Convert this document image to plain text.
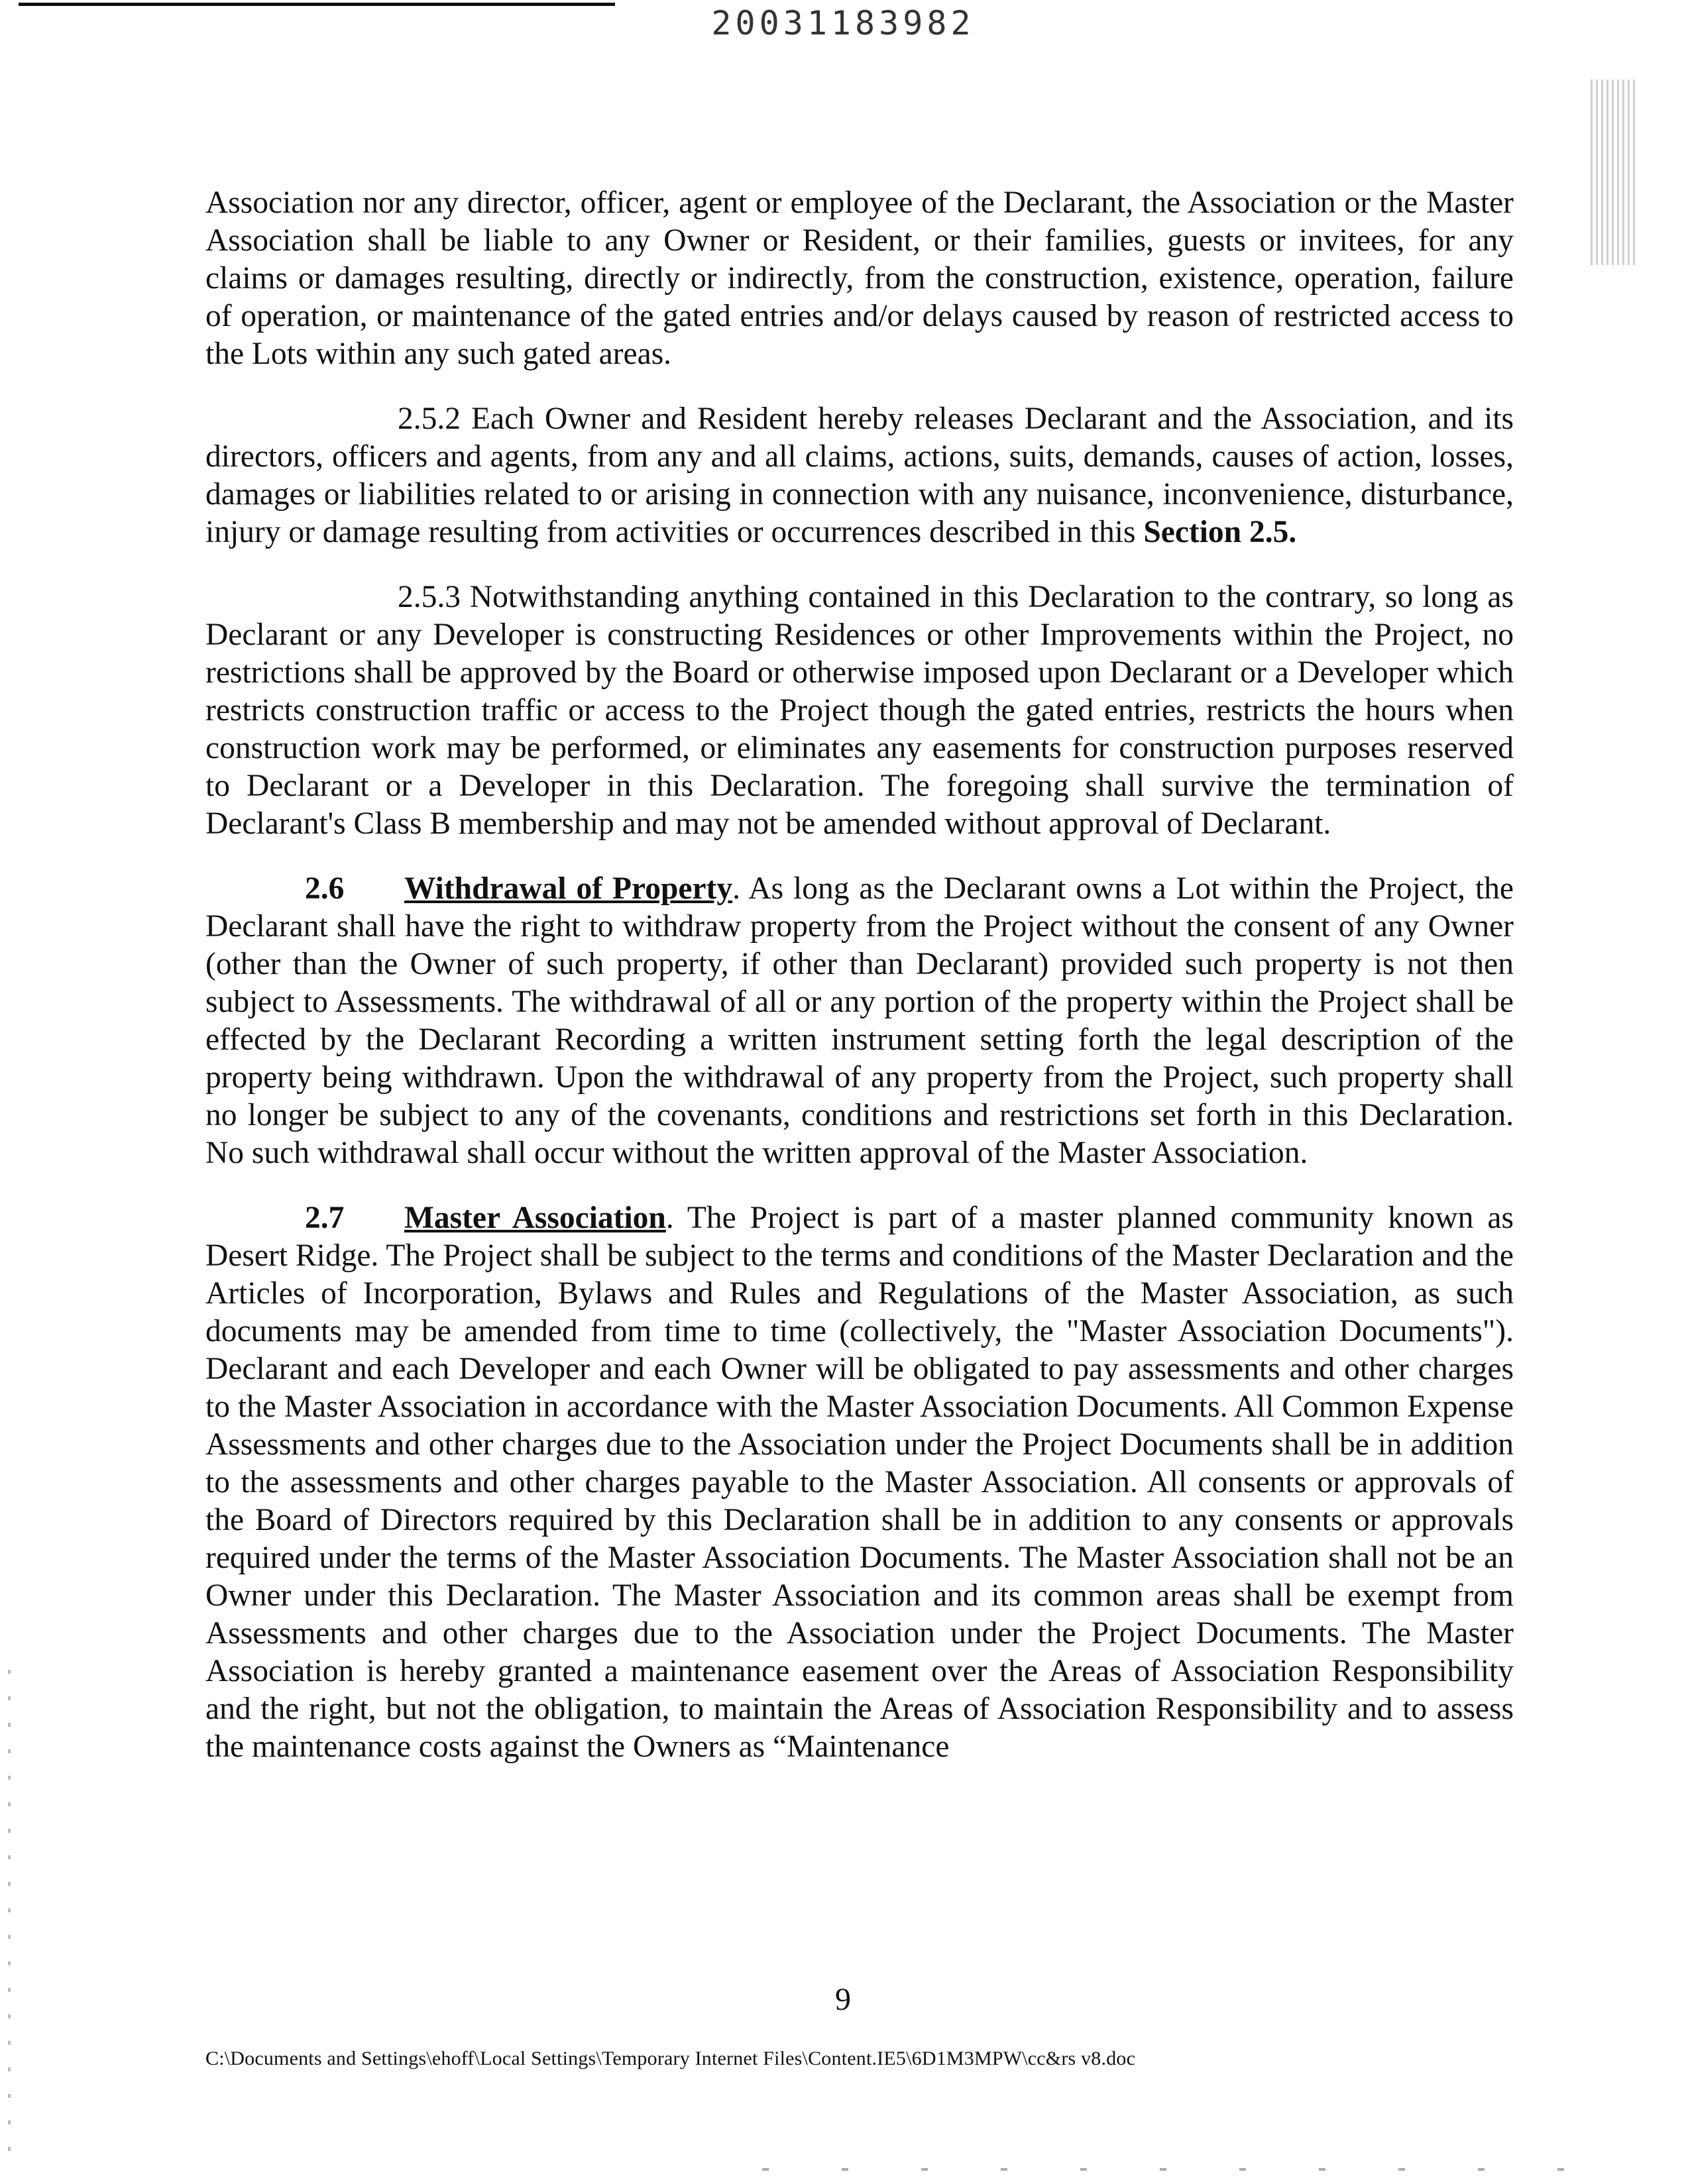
20031183982

Association nor any director, officer, agent or employee of the Declarant, the Association or the Master Association shall be liable to any Owner or Resident, or their families, guests or invitees, for any claims or damages resulting, directly or indirectly, from the construction, existence, operation, failure of operation, or maintenance of the gated entries and/or delays caused by reason of restricted access to the Lots within any such gated areas.

2.5.2 Each Owner and Resident hereby releases Declarant and the Association, and its directors, officers and agents, from any and all claims, actions, suits, demands, causes of action, losses, damages or liabilities related to or arising in connection with any nuisance, inconvenience, disturbance, injury or damage resulting from activities or occurrences described in this Section 2.5.

2.5.3 Notwithstanding anything contained in this Declaration to the contrary, so long as Declarant or any Developer is constructing Residences or other Improvements within the Project, no restrictions shall be approved by the Board or otherwise imposed upon Declarant or a Developer which restricts construction traffic or access to the Project though the gated entries, restricts the hours when construction work may be performed, or eliminates any easements for construction purposes reserved to Declarant or a Developer in this Declaration. The foregoing shall survive the termination of Declarant's Class B membership and may not be amended without approval of Declarant.

2.6 Withdrawal of Property. As long as the Declarant owns a Lot within the Project, the Declarant shall have the right to withdraw property from the Project without the consent of any Owner (other than the Owner of such property, if other than Declarant) provided such property is not then subject to Assessments. The withdrawal of all or any portion of the property within the Project shall be effected by the Declarant Recording a written instrument setting forth the legal description of the property being withdrawn. Upon the withdrawal of any property from the Project, such property shall no longer be subject to any of the covenants, conditions and restrictions set forth in this Declaration. No such withdrawal shall occur without the written approval of the Master Association.

2.7 Master Association. The Project is part of a master planned community known as Desert Ridge. The Project shall be subject to the terms and conditions of the Master Declaration and the Articles of Incorporation, Bylaws and Rules and Regulations of the Master Association, as such documents may be amended from time to time (collectively, the "Master Association Documents"). Declarant and each Developer and each Owner will be obligated to pay assessments and other charges to the Master Association in accordance with the Master Association Documents. All Common Expense Assessments and other charges due to the Association under the Project Documents shall be in addition to the assessments and other charges payable to the Master Association. All consents or approvals of the Board of Directors required by this Declaration shall be in addition to any consents or approvals required under the terms of the Master Association Documents. The Master Association shall not be an Owner under this Declaration. The Master Association and its common areas shall be exempt from Assessments and other charges due to the Association under the Project Documents. The Master Association is hereby granted a maintenance easement over the Areas of Association Responsibility and the right, but not the obligation, to maintain the Areas of Association Responsibility and to assess the maintenance costs against the Owners as “Maintenance

9
C:\Documents and Settings\ehoff\Local Settings\Temporary Internet Files\Content.IE5\6D1M3MPW\cc&rs v8.doc
